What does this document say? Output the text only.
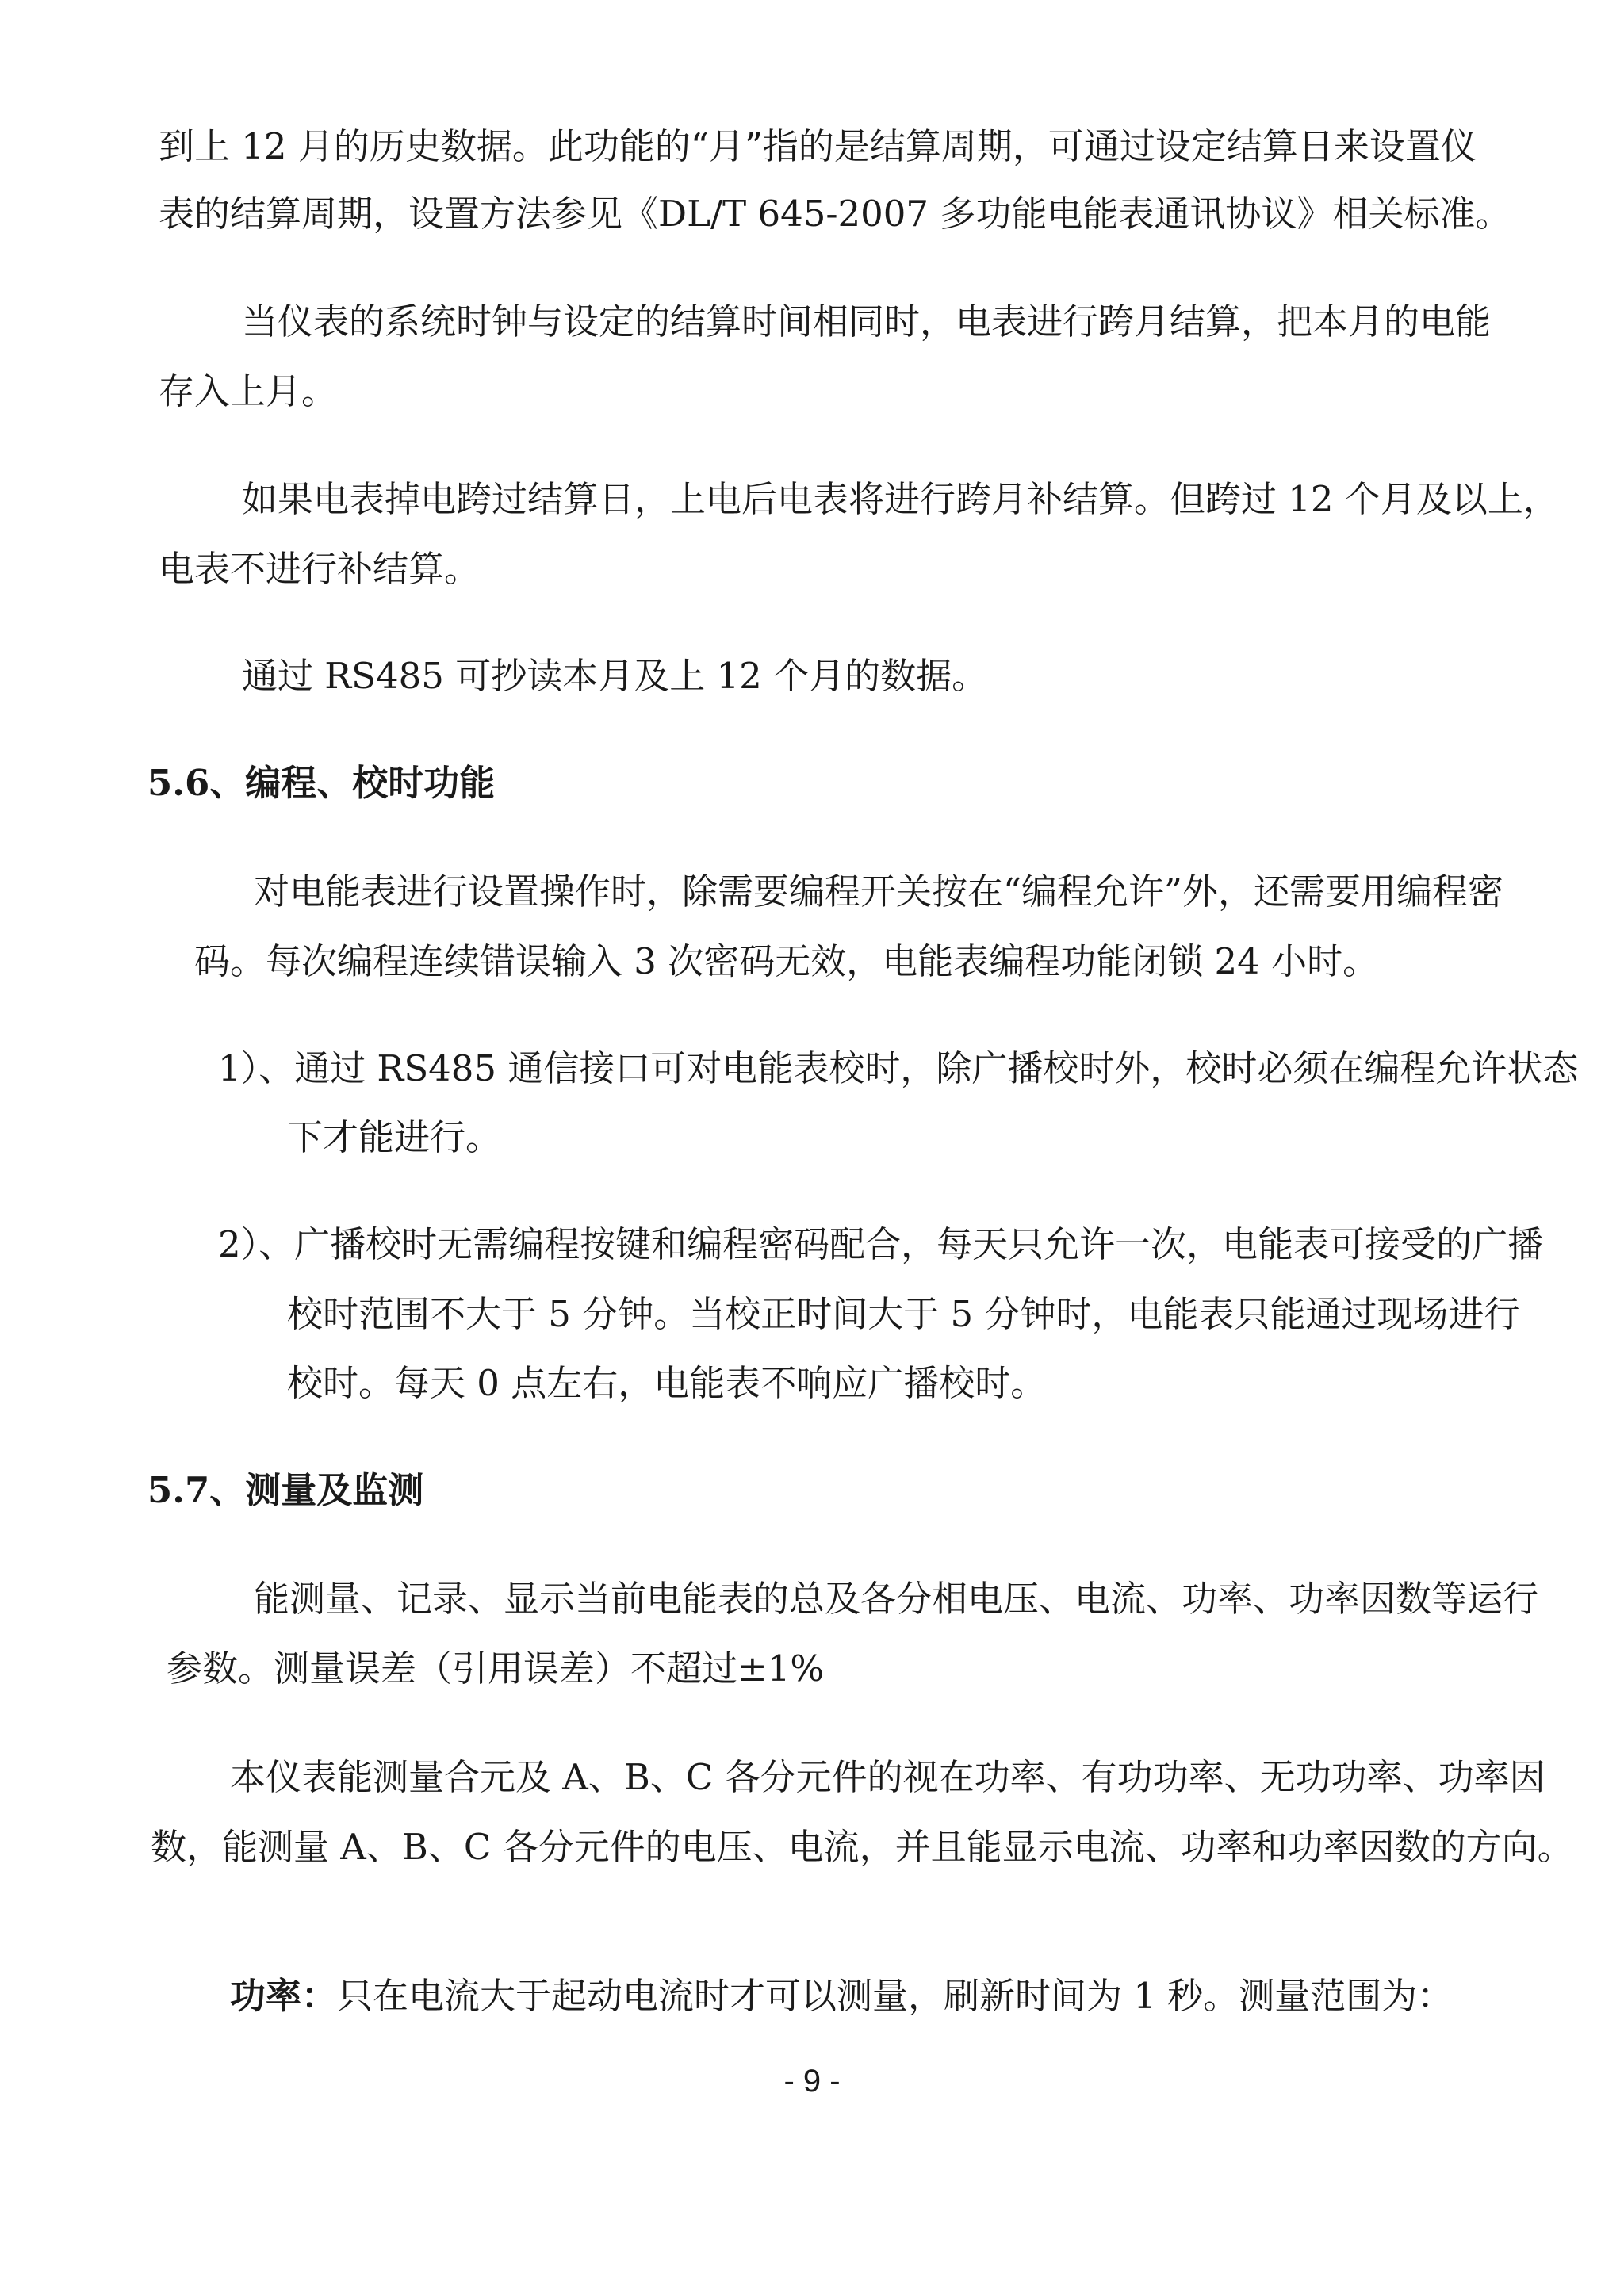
到上 12 月的历史数据。此功能的“月”指的是结算周期，可通过设定结算日来设置仪
表的结算周期，设置方法参见《DL/T 645-2007 多功能电能表通讯协议》相关标准。
当仪表的系统时钟与设定的结算时间相同时，电表进行跨月结算，把本月的电能
存入上月。
如果电表掉电跨过结算日，上电后电表将进行跨月补结算。但跨过 12 个月及以上，
电表不进行补结算。
通过 RS485 可抄读本月及上 12 个月的数据。
5.6、编程、校时功能
对电能表进行设置操作时，除需要编程开关按在“编程允许”外，还需要用编程密
码。每次编程连续错误输入 3 次密码无效，电能表编程功能闭锁 24 小时。
1）、通过 RS485 通信接口可对电能表校时，除广播校时外，校时必须在编程允许状态
下才能进行。
2）、广播校时无需编程按键和编程密码配合，每天只允许一次，电能表可接受的广播
校时范围不大于 5 分钟。当校正时间大于 5 分钟时，电能表只能通过现场进行
校时。每天 0 点左右，电能表不响应广播校时。
5.7、测量及监测
能测量、记录、显示当前电能表的总及各分相电压、电流、功率、功率因数等运行
参数。测量误差（引用误差）不超过±1%
本仪表能测量合元及 A、B、C 各分元件的视在功率、有功功率、无功功率、功率因
数，能测量 A、B、C 各分元件的电压、电流，并且能显示电流、功率和功率因数的方向。
功率：只在电流大于起动电流时才可以测量，刷新时间为 1 秒。测量范围为：
- 9 -
